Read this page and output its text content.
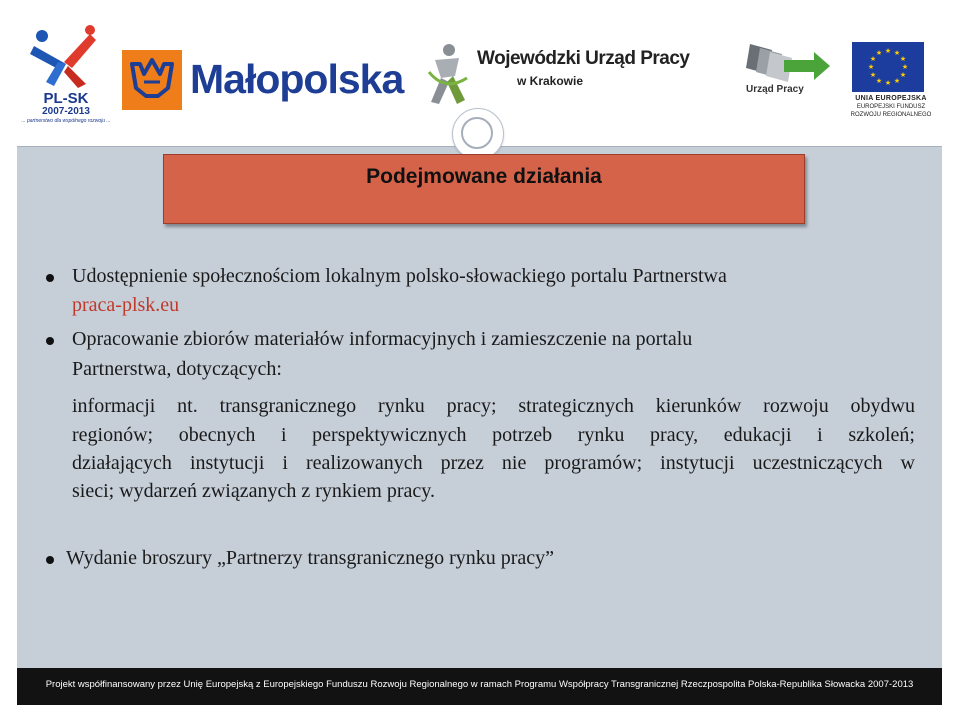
PL-SK
2007-2013
... partnerstwo dla wspólnego rozwoju ...
Małopolska	Wojewódzki Urząd Pracy
w Krakowie
Urząd Pracy
★ ★
★
★
★
★
★
★
★
★
★
★
UNIA EUROPEJSKA
EUROPEJSKI FUNDUSZ
ROZWOJU REGIONALNEGO
Podejmowane działania
Udostępnienie społecznościom lokalnym polsko-słowackiego portalu Partnerstwa
praca-plsk.eu
Opracowanie zbiorów materiałów informacyjnych i zamieszczenie na portalu
Partnerstwa, dotyczących:
informacji nt. transgranicznego rynku pracy; strategicznych kierunków rozwoju obydwu
regionów; obecnych i perspektywicznych potrzeb rynku pracy, edukacji i szkoleń;
działających instytucji i realizowanych przez nie programów; instytucji uczestniczących w
sieci; wydarzeń związanych z rynkiem pracy.
Wydanie broszury „Partnerzy transgranicznego rynku pracy”
Projekt współfinansowany przez Unię Europejską z Europejskiego Funduszu Rozwoju Regionalnego w ramach Programu Współpracy Transgranicznej Rzeczpospolita Polska-Republika Słowacka 2007-2013
